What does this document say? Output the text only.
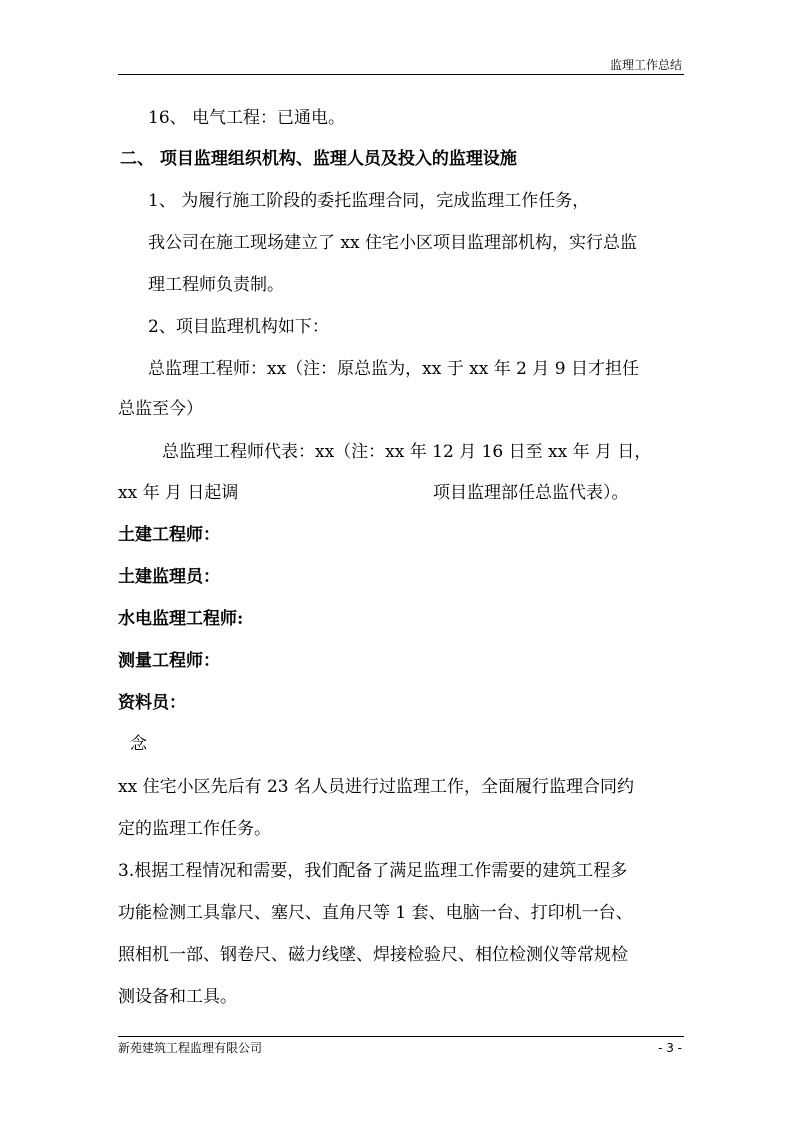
监理工作总结
16、 电气工程：已通电。
二、 项目监理组织机构、监理人员及投入的监理设施
1、 为履行施工阶段的委托监理合同，完成监理工作任务，
我公司在施工现场建立了 xx 住宅小区项目监理部机构，实行总监
理工程师负责制。
2、项目监理机构如下：
总监理工程师：xx（注：原总监为，xx 于 xx 年 2 月 9 日才担任
总监至今）
总监理工程师代表：xx（注：xx 年 12 月 16 日至 xx 年 月 日，
xx 年 月 日起调	项目监理部任总监代表）。
土建工程师：
土建监理员：
水电监理工程师:
测量工程师：
资料员：
念
xx 住宅小区先后有 23 名人员进行过监理工作，全面履行监理合同约
定的监理工作任务。
3.根据工程情况和需要，我们配备了满足监理工作需要的建筑工程多
功能检测工具靠尺、塞尺、直角尺等 1 套、电脑一台、打印机一台、
照相机一部、钢卷尺、磁力线墜、焊接检验尺、相位检测仪等常规检
测设备和工具。
新苑建筑工程监理有限公司	- 3 -
